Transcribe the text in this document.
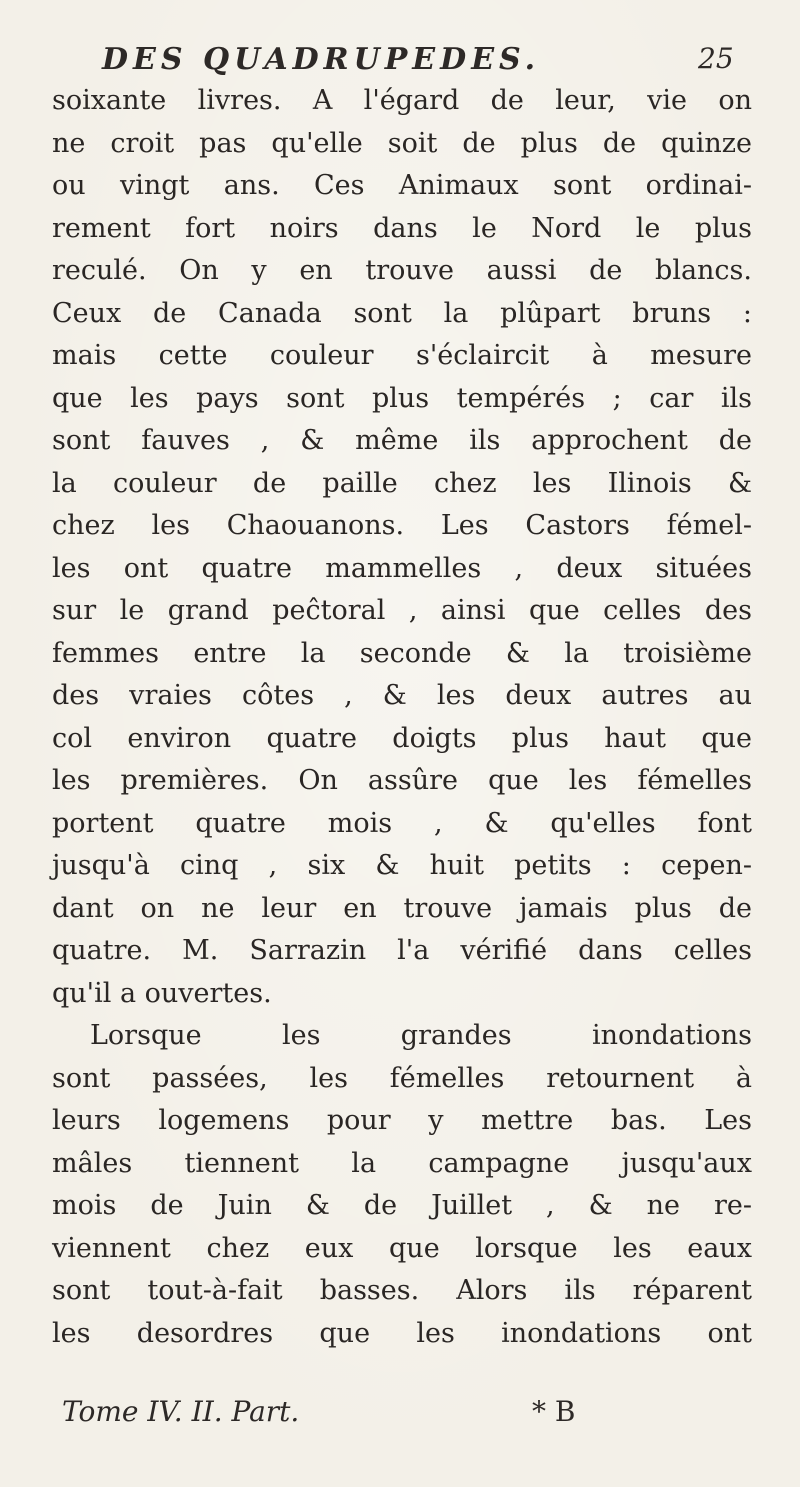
DES QUADRUPEDES.	25
soixante livres. A l'égard de leur, vie on
ne croit pas qu'elle soit de plus de quinze
ou vingt ans. Ces Animaux sont ordinai-
rement fort noirs dans le Nord le plus
reculé. On y en trouve aussi de blancs.
Ceux de Canada sont la plûpart bruns :
mais cette couleur s'éclaircit à mesure
que les pays sont plus tempérés ; car ils
sont fauves , & même ils approchent de
la couleur de paille chez les Ilinois &
chez les Chaouanons. Les Castors fémel-
les ont quatre mammelles , deux situées
sur le grand peĉtoral , ainsi que celles des
femmes entre la seconde & la troisième
des vraies côtes , & les deux autres au
col environ quatre doigts plus haut que
les premières. On assûre que les fémelles
portent quatre mois , & qu'elles font
jusqu'à cinq , six & huit petits : cepen-
dant on ne leur en trouve jamais plus de
quatre. M. Sarrazin l'a vérifié dans celles
qu'il a ouvertes.
Lorsque les grandes inondations
sont passées, les fémelles retournent à
leurs logemens pour y mettre bas. Les
mâles tiennent la campagne jusqu'aux
mois de Juin & de Juillet , & ne re-
viennent chez eux que lorsque les eaux
sont tout-à-fait basses. Alors ils réparent
les desordres que les inondations ont
Tome IV. II. Part.	* B
